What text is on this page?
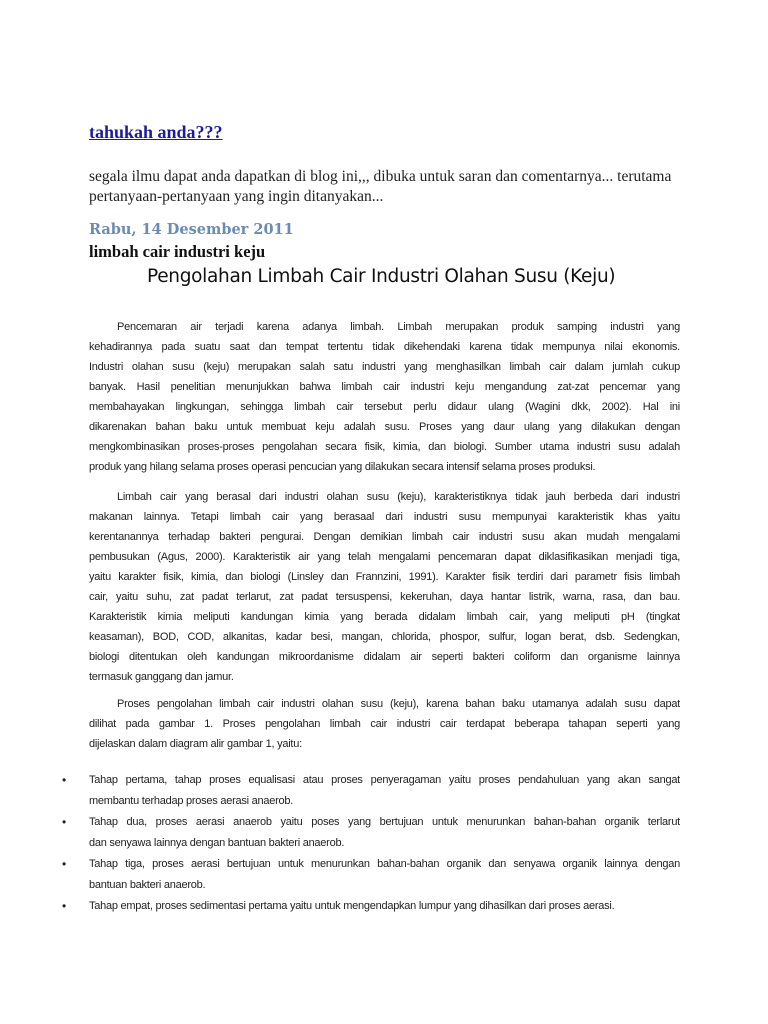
tahukah anda???
segala ilmu dapat anda dapatkan di blog ini,,, dibuka untuk saran dan comentarnya... terutama pertanyaan-pertanyaan yang ingin ditanyakan...
Rabu, 14 Desember 2011
limbah cair industri keju
Pengolahan Limbah Cair Industri Olahan Susu (Keju)
Pencemaran air terjadi karena adanya limbah. Limbah merupakan produk samping industri yang
kehadirannya pada suatu saat dan tempat tertentu tidak dikehendaki karena tidak mempunya nilai ekonomis.
Industri olahan susu (keju) merupakan salah satu industri yang menghasilkan limbah cair dalam jumlah cukup
banyak. Hasil penelitian menunjukkan bahwa limbah cair industri keju mengandung zat-zat pencemar yang
membahayakan lingkungan, sehingga limbah cair tersebut perlu didaur ulang (Wagini dkk, 2002). Hal ini
dikarenakan bahan baku untuk membuat keju adalah susu. Proses yang daur ulang yang dilakukan dengan
mengkombinasikan proses-proses pengolahan secara fisik, kimia, dan biologi. Sumber utama industri susu adalah
produk yang hilang selama proses operasi pencucian yang dilakukan secara intensif selama proses produksi.
Limbah cair yang berasal dari industri olahan susu (keju), karakteristiknya tidak jauh berbeda dari industri
makanan lainnya. Tetapi limbah cair yang berasaal dari industri susu mempunyai karakteristik khas yaitu
kerentanannya terhadap bakteri pengurai. Dengan demikian limbah cair industri susu akan mudah mengalami
pembusukan (Agus, 2000). Karakteristik air yang telah mengalami pencemaran dapat diklasifikasikan menjadi tiga,
yaitu karakter fisik, kimia, dan biologi (Linsley dan Frannzini, 1991). Karakter fisik terdiri dari parametr fisis limbah
cair, yaitu suhu, zat padat terlarut, zat padat tersuspensi, kekeruhan, daya hantar listrik, warna, rasa, dan bau.
Karakteristik kimia meliputi kandungan kimia yang berada didalam limbah cair, yang meliputi pH (tingkat
keasaman), BOD, COD, alkanitas, kadar besi, mangan, chlorida, phospor, sulfur, logan berat, dsb. Sedengkan,
biologi ditentukan oleh kandungan mikroordanisme didalam air seperti bakteri coliform dan organisme lainnya
termasuk ganggang dan jamur.
Proses pengolahan limbah cair industri olahan susu (keju), karena bahan baku utamanya adalah susu dapat
dilihat pada gambar 1. Proses pengolahan limbah cair industri cair terdapat beberapa tahapan seperti yang
dijelaskan dalam diagram alir gambar 1, yaitu:
• Tahap pertama, tahap proses equalisasi atau proses penyeragaman yaitu proses pendahuluan yang akan sangat
membantu terhadap proses aerasi anaerob.
• Tahap dua, proses aerasi anaerob yaitu poses yang bertujuan untuk menurunkan bahan-bahan organik terlarut
dan senyawa lainnya dengan bantuan bakteri anaerob.
• Tahap tiga, proses aerasi bertujuan untuk menurunkan bahan-bahan organik dan senyawa organik lainnya dengan
bantuan bakteri anaerob.
• Tahap empat, proses sedimentasi pertama yaitu untuk mengendapkan lumpur yang dihasilkan dari proses aerasi.
